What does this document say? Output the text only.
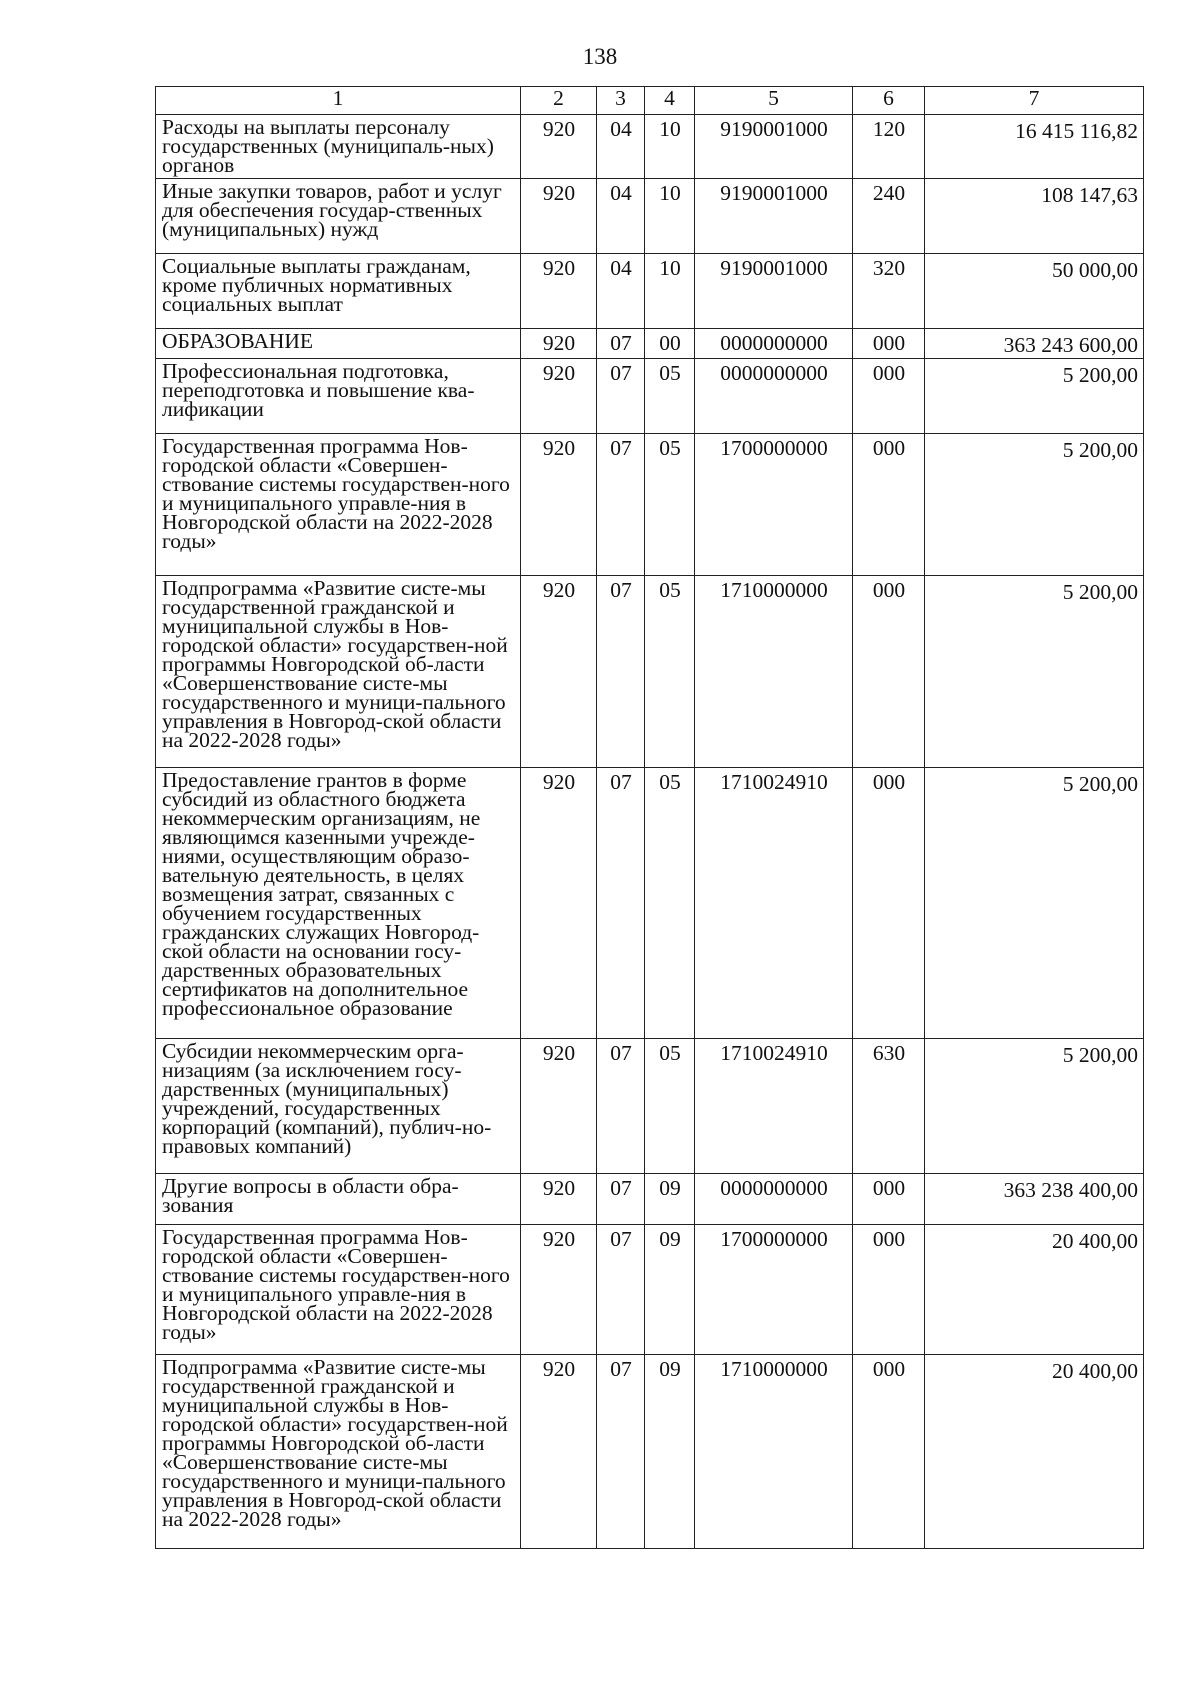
138
1	2	3	4	5	6	7
Расходы на выплаты персоналу государственных (муниципаль-ных) органов	920	04	10	9190001000	120	16 415 116,82
Иные закупки товаров, работ и услуг для обеспечения государ-ственных (муниципальных) нужд	920	04	10	9190001000	240	108 147,63
Социальные выплаты гражданам, кроме публичных нормативных социальных выплат	920	04	10	9190001000	320	50 000,00
ОБРАЗОВАНИЕ	920	07	00	0000000000	000	363 243 600,00
Профессиональная подготовка, переподготовка и повышение ква-лификации	920	07	05	0000000000	000	5 200,00
Государственная программа Нов-городской области «Совершен-ствование системы государствен-ного и муниципального управле-ния в Новгородской области на 2022-2028 годы»	920	07	05	1700000000	000	5 200,00
Подпрограмма «Развитие систе-мы государственной гражданской и муниципальной службы в Нов-городской области» государствен-ной программы Новгородской об-ласти «Совершенствование систе-мы государственного и муници-пального управления в Новгород-ской области на 2022-2028 годы»	920	07	05	1710000000	000	5 200,00
Предоставление грантов в форме субсидий из областного бюджета некоммерческим организациям, не являющимся казенными учрежде-ниями, осуществляющим образо-вательную деятельность, в целях возмещения затрат, связанных с обучением государственных гражданских служащих Новгород-ской области на основании госу-дарственных образовательных сертификатов на дополнительное профессиональное образование	920	07	05	1710024910	000	5 200,00
Субсидии некоммерческим орга-низациям (за исключением госу-дарственных (муниципальных) учреждений, государственных корпораций (компаний), публич-но-правовых компаний)	920	07	05	1710024910	630	5 200,00
Другие вопросы в области обра-зования	920	07	09	0000000000	000	363 238 400,00
Государственная программа Нов-городской области «Совершен-ствование системы государствен-ного и муниципального управле-ния в Новгородской области на 2022-2028 годы»	920	07	09	1700000000	000	20 400,00
Подпрограмма «Развитие систе-мы государственной гражданской и муниципальной службы в Нов-городской области» государствен-ной программы Новгородской об-ласти «Совершенствование систе-мы государственного и муници-пального управления в Новгород-ской области на 2022-2028 годы»	920	07	09	1710000000	000	20 400,00
